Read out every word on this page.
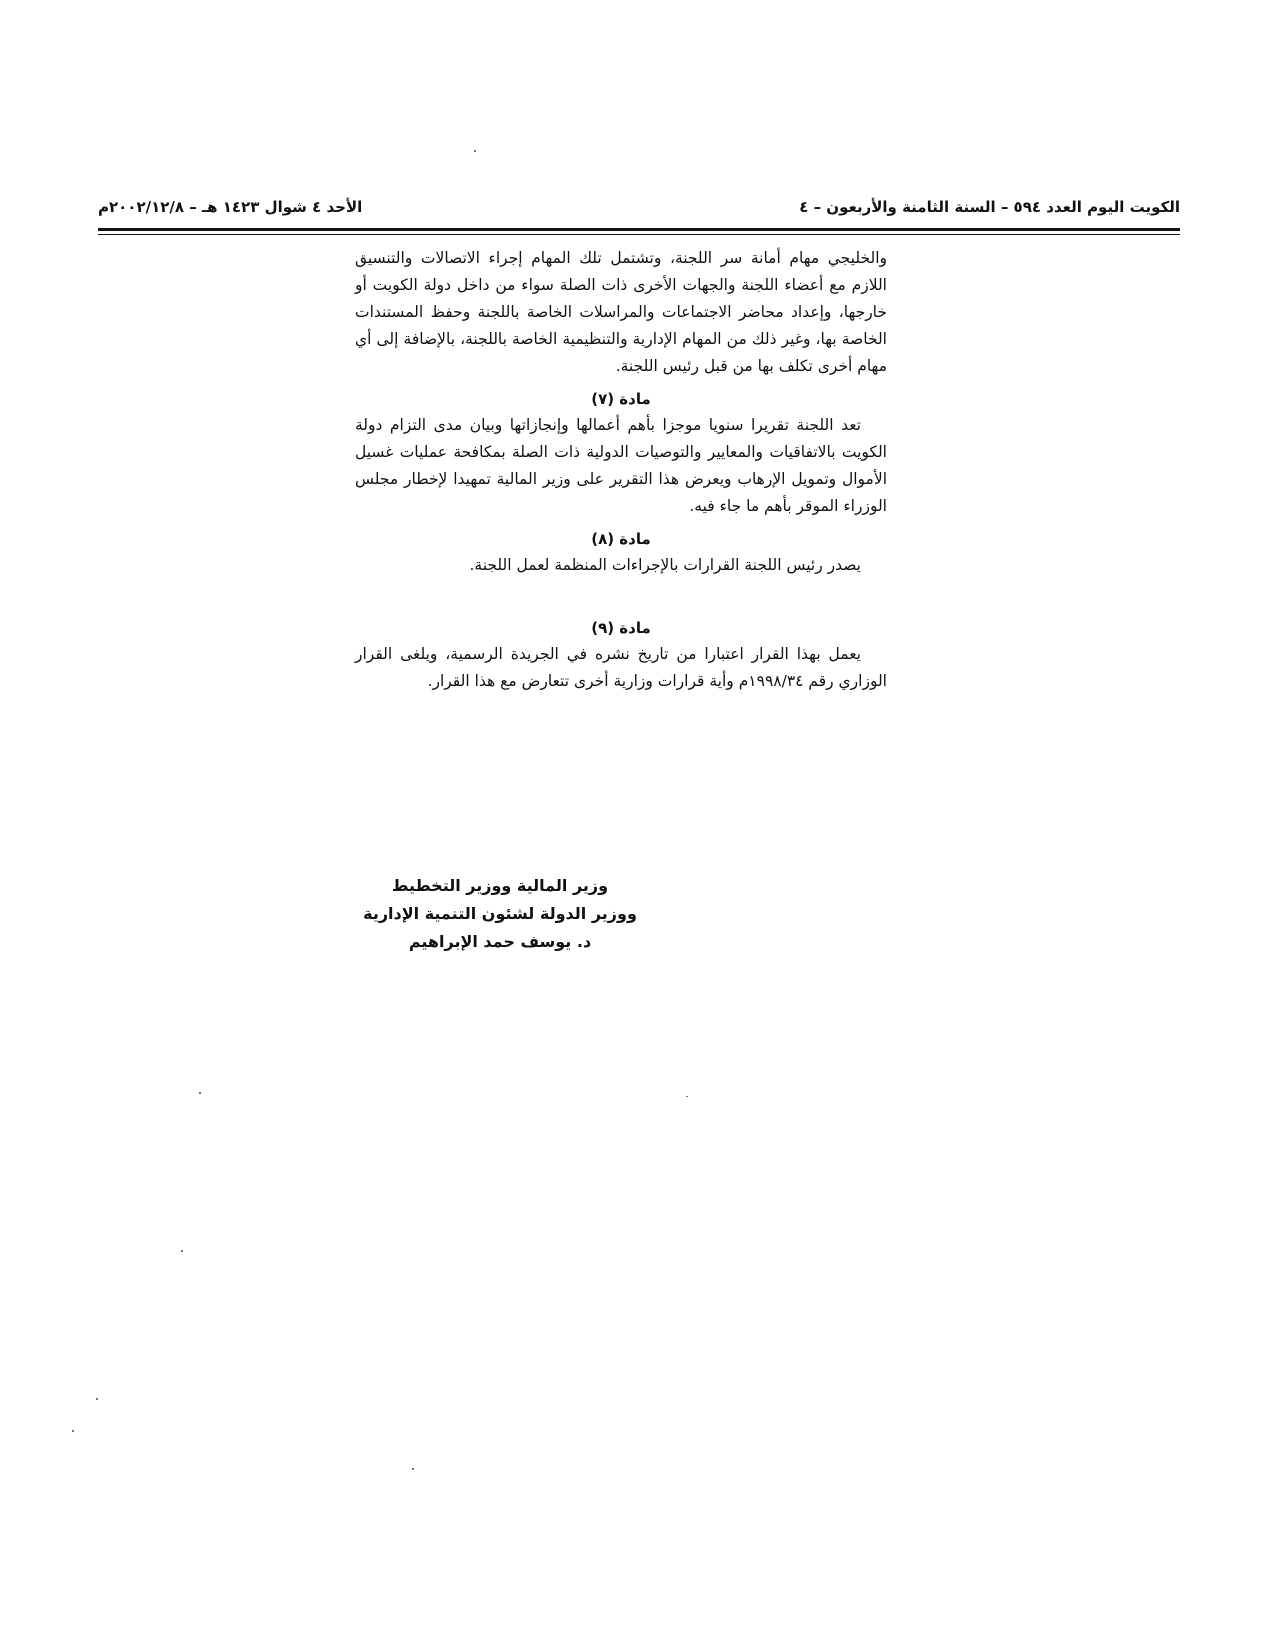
الكويت اليوم العدد ٥٩٤ – السنة الثامنة والأربعون – ٤
الأحد ٤ شوال ١٤٢٣ هـ – ٢٠٠٢/١٢/٨م

والخليجي مهام أمانة سر اللجنة، وتشتمل تلك المهام إجراء الاتصالات والتنسيق اللازم مع أعضاء اللجنة والجهات الأخرى ذات الصلة سواء من داخل دولة الكويت أو خارجها، وإعداد محاضر الاجتماعات والمراسلات الخاصة باللجنة وحفظ المستندات الخاصة بها، وغير ذلك من المهام الإدارية والتنظيمية الخاصة باللجنة، بالإضافة إلى أي مهام أخرى تكلف بها من قبل رئيس اللجنة.

مادة (٧)

تعد اللجنة تقريرا سنويا موجزا بأهم أعمالها وإنجازاتها وبيان مدى التزام دولة الكويت بالاتفاقيات والمعايير والتوصيات الدولية ذات الصلة بمكافحة عمليات غسيل الأموال وتمويل الإرهاب ويعرض هذا التقرير على وزير المالية تمهيدا لإخطار مجلس الوزراء الموقر بأهم ما جاء فيه.

مادة (٨)

يصدر رئيس اللجنة القرارات بالإجراءات المنظمة لعمل اللجنة.

مادة (٩)

يعمل بهذا القرار اعتبارا من تاريخ نشره في الجريدة الرسمية، ويلغى القرار الوزاري رقم ١٩٩٨/٣٤م وأية قرارات وزارية أخرى تتعارض مع هذا القرار.

وزير المالية ووزير التخطيط
ووزير الدولة لشئون التنمية الإدارية
د. يوسف حمد الإبراهيم
